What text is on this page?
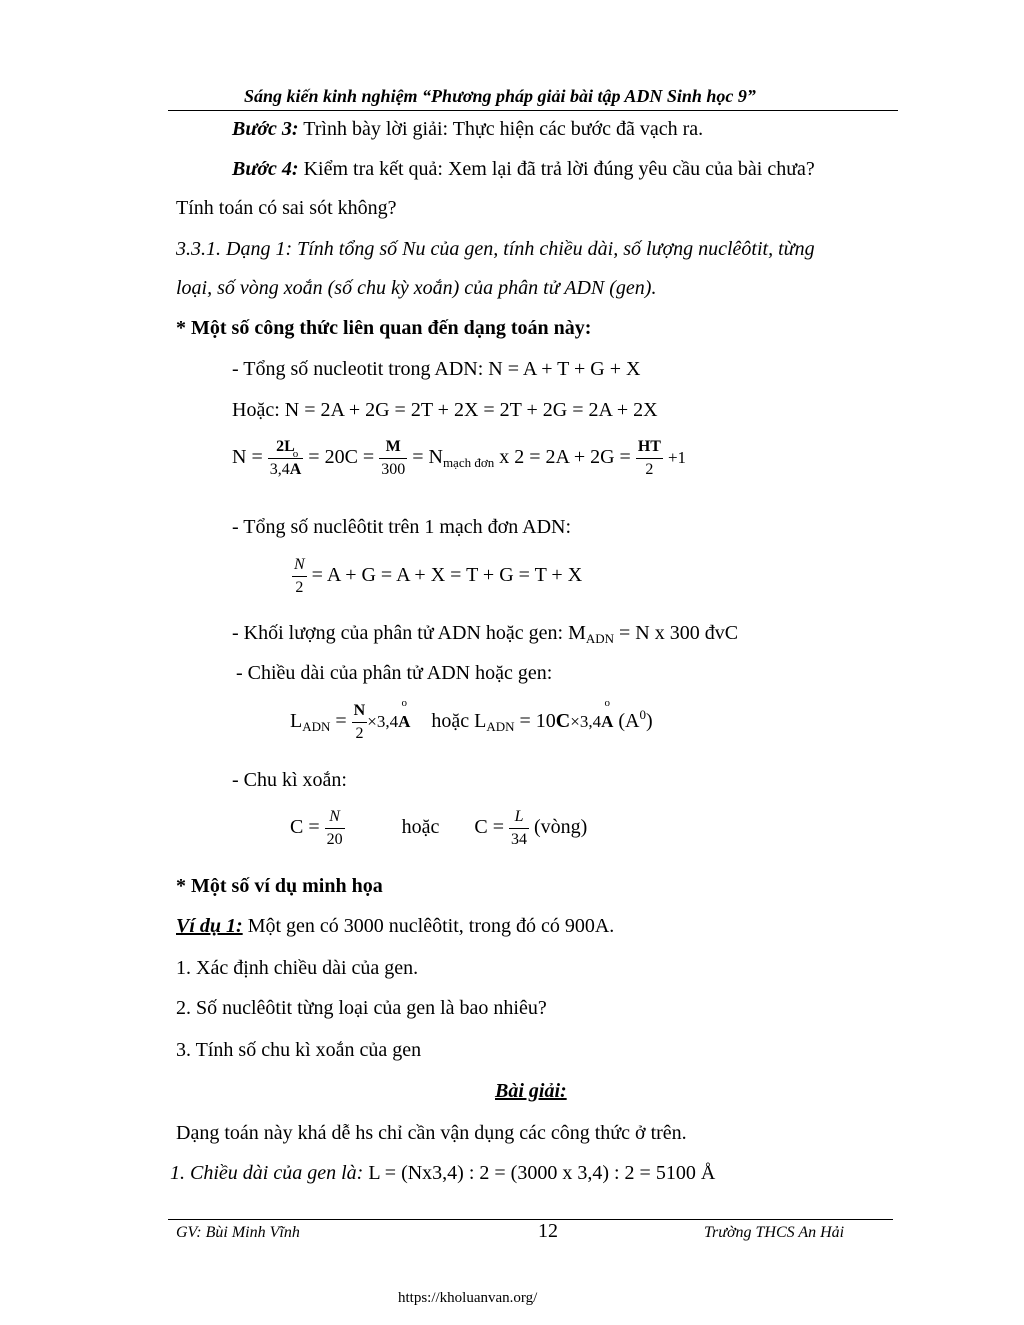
Sáng kiến kinh nghiệm “Phương pháp giải bài tập ADN Sinh học 9”
Bước 3: Trình bày lời giải: Thực hiện các bước đã vạch ra.
Bước 4: Kiểm tra kết quả: Xem lại đã trả lời đúng yêu cầu của bài chưa?
Tính toán có sai sót không?
3.3.1. Dạng 1: Tính tổng số Nu của gen, tính chiều dài, số lượng nuclêôtit, từng
loại, số vòng xoắn (số chu kỳ xoắn) của phân tử ADN (gen).
* Một số công thức liên quan đến dạng toán này:
- Tổng số nucleotit trong ADN: N = A + T + G + X
Hoặc: N = 2A + 2G = 2T + 2X = 2T + 2G = 2A + 2X
$N = \frac{2L}{\text{3,4o A}} = 20C = \frac{M}{300} = N_{mạch đơn}$ x $2 = 2A + 2G = \frac{HT}{2} +1$
- Tổng số nuclêôtit trên 1 mạch đơn ADN:
$\frac{N}{2} = A + G = A + X = T + G = T + X$
- Khối lượng của phân tử ADN hoặc gen: $M_{ADN} = N$ x 300 đvC
- Chiều dài của phân tử ADN hoặc gen:
$L_{ADN} = \frac{N}{2} \times 3,4o$ A hoặc $L_{ADN} = 10C\times 3,4o$ A $(A^0)$
- Chu kì xoắn:
$C = \frac{N}{20}$	hoặc $C = \frac{L}{34}$ (vòng)
* Một số ví dụ minh họa
Ví dụ 1: Một gen có 3000 nuclêôtit, trong đó có 900A.
1. Xác định chiều dài của gen.
2. Số nuclêôtit từng loại của gen là bao nhiêu?
3. Tính số chu kì xoắn của gen
Bài giải:
Dạng toán này khá dễ hs chỉ cần vận dụng các công thức ở trên.
1. Chiều dài của gen là: L = (Nx3,4) : 2 = (3000 x 3,4) : 2 = 5100 Å
GV: Bùi Minh Vĩnh	12	Trường THCS An Hải
https://kholuanvan.org/
